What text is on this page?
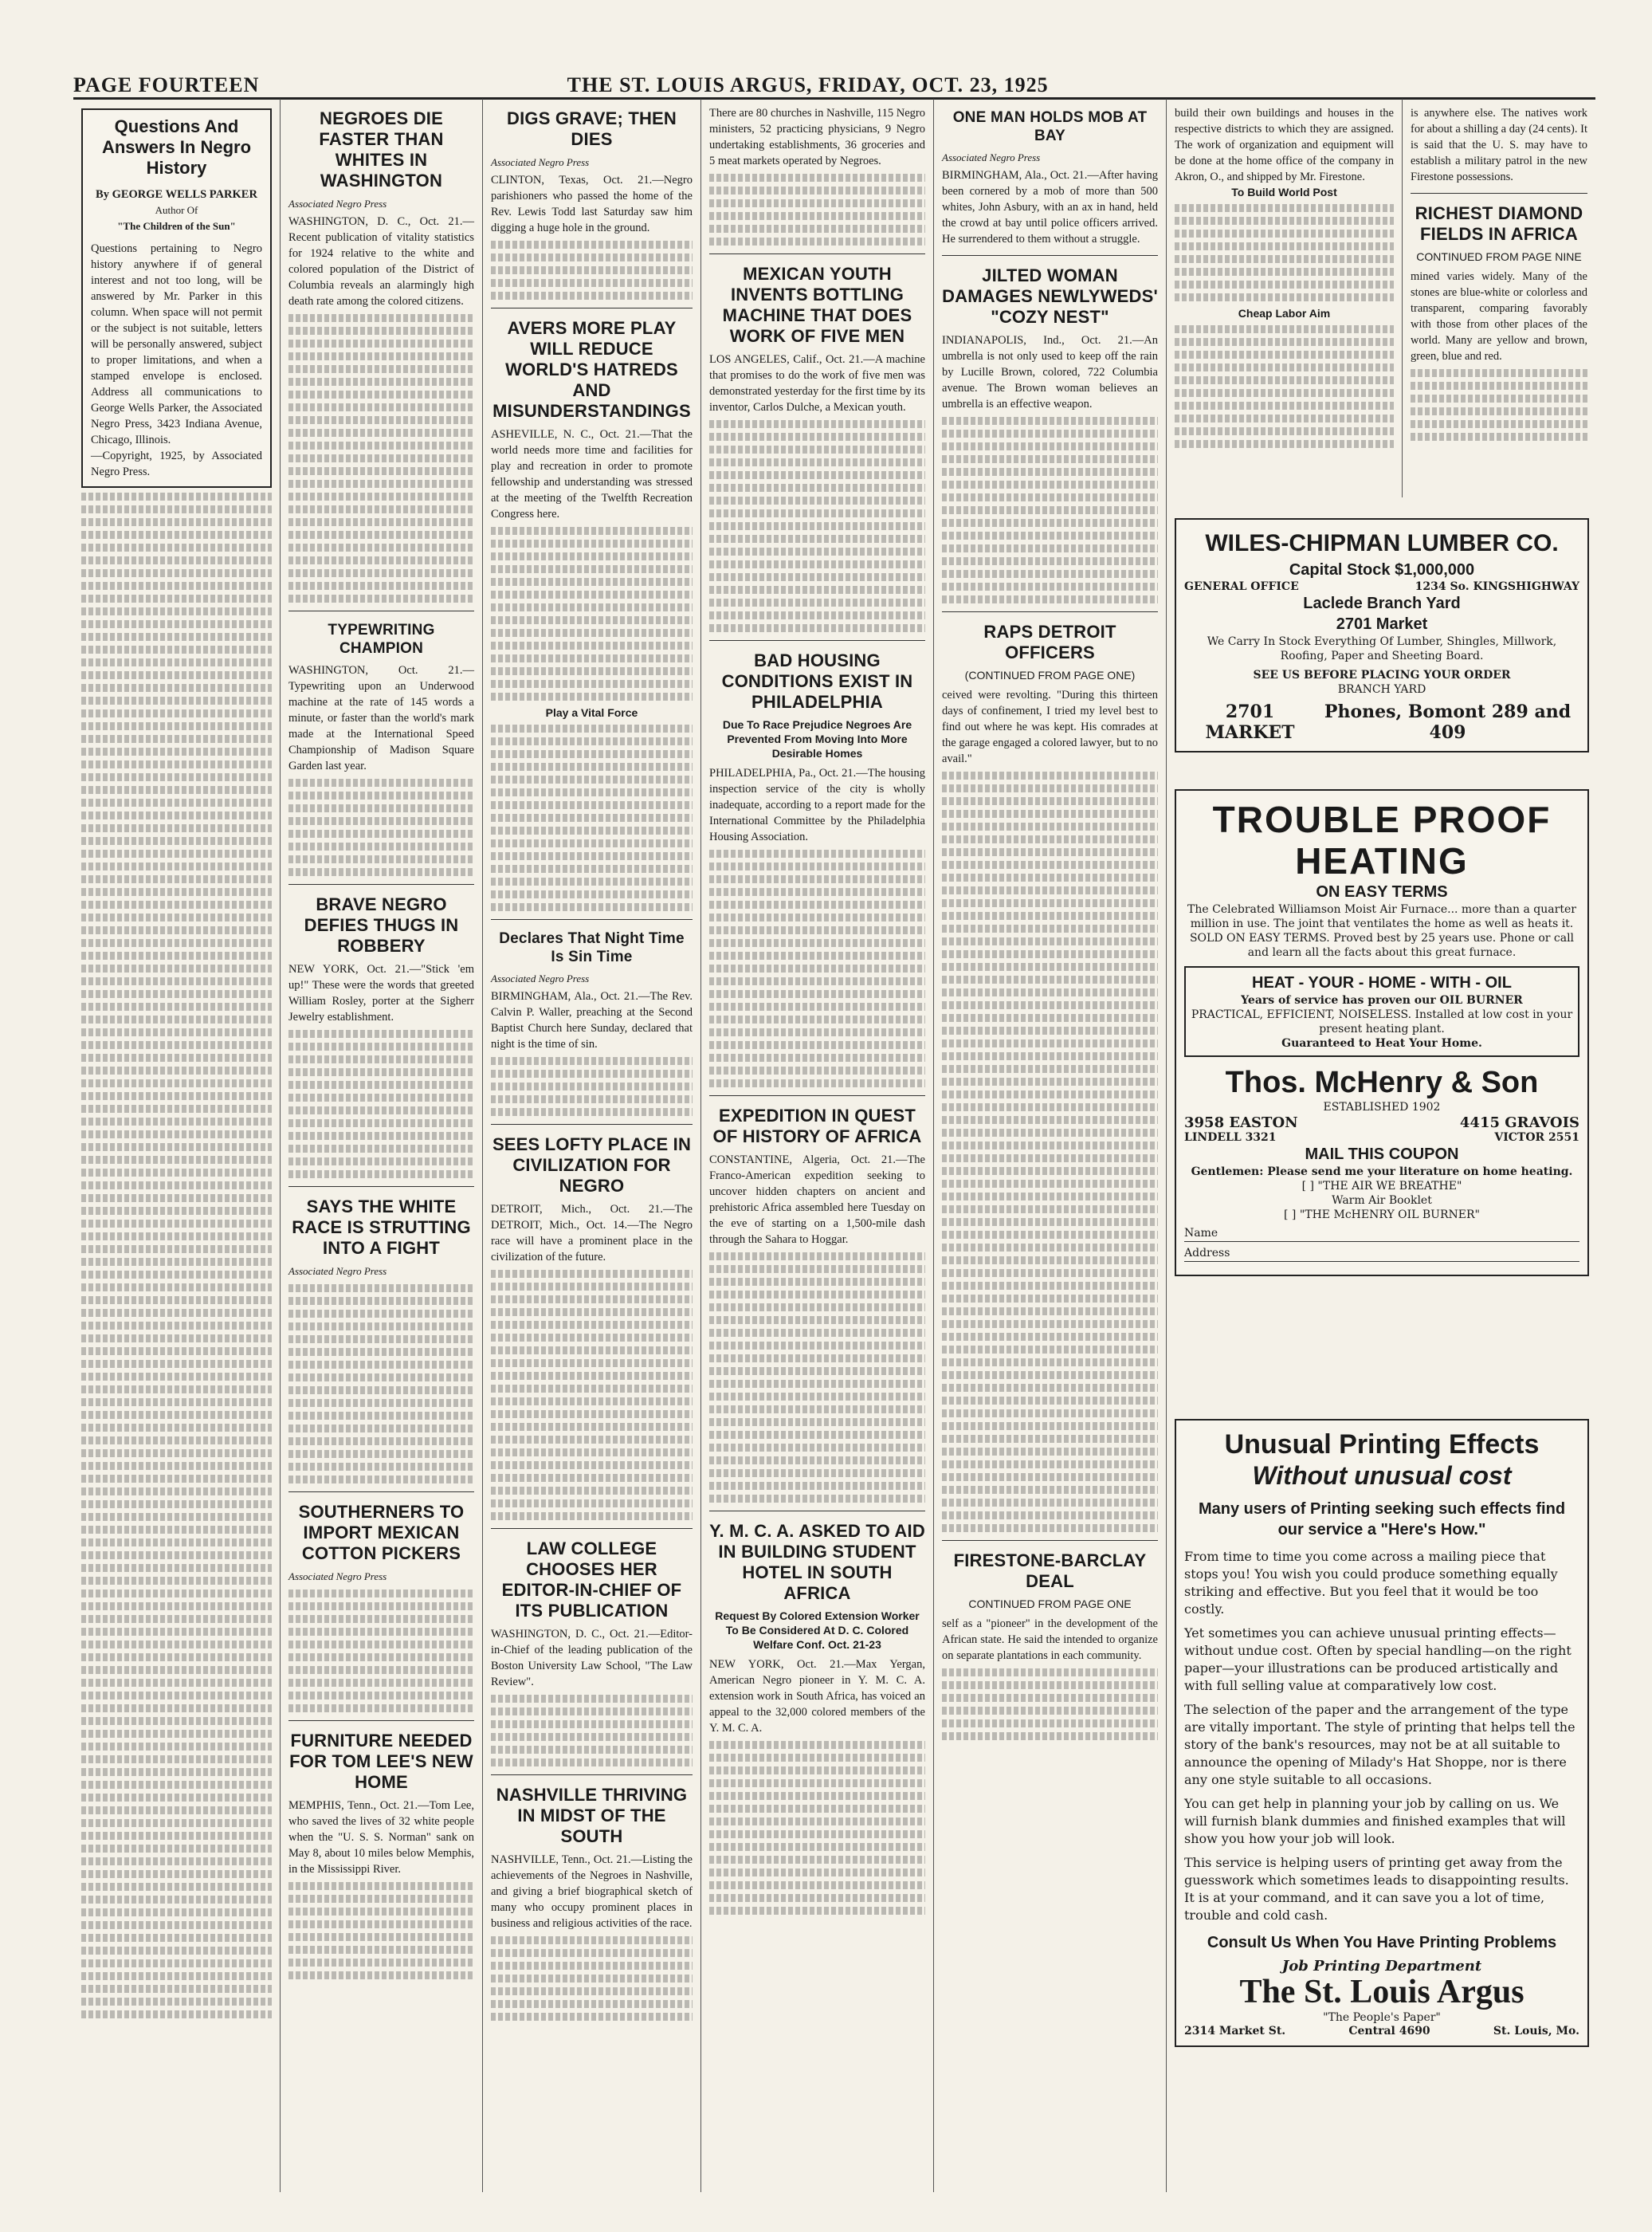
PAGE FOURTEEN	THE ST. LOUIS ARGUS, FRIDAY, OCT. 23, 1925
Questions And Answers In Negro History
By GEORGE WELLS PARKER
Author Of
"The Children of the Sun"
Questions pertaining to Negro history anywhere if of general interest and not too long, will be answered by Mr. Parker in this column. When space will not permit or the subject is not suitable, letters will be personally answered, subject to proper limitations, and when a stamped envelope is enclosed. Address all communications to George Wells Parker, the Associated Negro Press, 3423 Indiana Avenue, Chicago, Illinois.
—Copyright, 1925, by Associated Negro Press.
NEGROES DIE FASTER THAN WHITES IN WASHINGTON
Associated Negro Press
WASHINGTON, D. C., Oct. 21.—Recent publication of vitality statistics for 1924 relative to the white and colored population of the District of Columbia reveals an alarmingly high death rate among the colored citizens.
TYPEWRITING CHAMPION
WASHINGTON, Oct. 21.—Typewriting upon an Underwood machine at the rate of 145 words a minute, or faster than the world's mark made at the International Speed Championship of Madison Square Garden last year.
BRAVE NEGRO DEFIES THUGS IN ROBBERY
NEW YORK, Oct. 21.—"Stick 'em up!" These were the words that greeted William Rosley, porter at the Sigherr Jewelry establishment.
SAYS THE WHITE RACE IS STRUTTING INTO A FIGHT
Associated Negro Press
SOUTHERNERS TO IMPORT MEXICAN COTTON PICKERS
Associated Negro Press
FURNITURE NEEDED FOR TOM LEE'S NEW HOME
MEMPHIS, Tenn., Oct. 21.—Tom Lee, who saved the lives of 32 white people when the "U. S. S. Norman" sank on May 8, about 10 miles below Memphis, in the Mississippi River.
DIGS GRAVE; THEN DIES
Associated Negro Press
CLINTON, Texas, Oct. 21.—Negro parishioners who passed the home of the Rev. Lewis Todd last Saturday saw him digging a huge hole in the ground.
AVERS MORE PLAY WILL REDUCE WORLD'S HATREDS AND MISUNDERSTANDINGS
ASHEVILLE, N. C., Oct. 21.—That the world needs more time and facilities for play and recreation in order to promote fellowship and understanding was stressed at the meeting of the Twelfth Recreation Congress here.
Play a Vital Force
Declares That Night Time Is Sin Time
Associated Negro Press
BIRMINGHAM, Ala., Oct. 21.—The Rev. Calvin P. Waller, preaching at the Second Baptist Church here Sunday, declared that night is the time of sin.
SEES LOFTY PLACE IN CIVILIZATION FOR NEGRO
DETROIT, Mich., Oct. 21.—The DETROIT, Mich., Oct. 14.—The Negro race will have a prominent place in the civilization of the future.
LAW COLLEGE CHOOSES HER EDITOR-IN-CHIEF OF ITS PUBLICATION
WASHINGTON, D. C., Oct. 21.—Editor-in-Chief of the leading publication of the Boston University Law School, "The Law Review".
NASHVILLE THRIVING IN MIDST OF THE SOUTH
NASHVILLE, Tenn., Oct. 21.—Listing the achievements of the Negroes in Nashville, and giving a brief biographical sketch of many who occupy prominent places in business and religious activities of the race.
There are 80 churches in Nashville, 115 Negro ministers, 52 practicing physicians, 9 Negro undertaking establishments, 36 groceries and 5 meat markets operated by Negroes.
MEXICAN YOUTH INVENTS BOTTLING MACHINE THAT DOES WORK OF FIVE MEN
LOS ANGELES, Calif., Oct. 21.—A machine that promises to do the work of five men was demonstrated yesterday for the first time by its inventor, Carlos Dulche, a Mexican youth.
BAD HOUSING CONDITIONS EXIST IN PHILADELPHIA
Due To Race Prejudice Negroes Are Prevented From Moving Into More Desirable Homes
PHILADELPHIA, Pa., Oct. 21.—The housing inspection service of the city is wholly inadequate, according to a report made for the International Committee by the Philadelphia Housing Association.
EXPEDITION IN QUEST OF HISTORY OF AFRICA
CONSTANTINE, Algeria, Oct. 21.—The Franco-American expedition seeking to uncover hidden chapters on ancient and prehistoric Africa assembled here Tuesday on the eve of starting on a 1,500-mile dash through the Sahara to Hoggar.
Y. M. C. A. ASKED TO AID IN BUILDING STUDENT HOTEL IN SOUTH AFRICA
Request By Colored Extension Worker To Be Considered At D. C. Colored Welfare Conf. Oct. 21-23
NEW YORK, Oct. 21.—Max Yergan, American Negro pioneer in Y. M. C. A. extension work in South Africa, has voiced an appeal to the 32,000 colored members of the Y. M. C. A.
ONE MAN HOLDS MOB AT BAY
Associated Negro Press
BIRMINGHAM, Ala., Oct. 21.—After having been cornered by a mob of more than 500 whites, John Asbury, with an ax in hand, held the crowd at bay until police officers arrived. He surrendered to them without a struggle.
JILTED WOMAN DAMAGES NEWLYWEDS' "COZY NEST"
INDIANAPOLIS, Ind., Oct. 21.—An umbrella is not only used to keep off the rain by Lucille Brown, colored, 722 Columbia avenue. The Brown woman believes an umbrella is an effective weapon.
RAPS DETROIT OFFICERS
(CONTINUED FROM PAGE ONE)
ceived were revolting. "During this thirteen days of confinement, I tried my level best to find out where he was kept. His comrades at the garage engaged a colored lawyer, but to no avail."
FIRESTONE-BARCLAY DEAL
CONTINUED FROM PAGE ONE
self as a "pioneer" in the development of the African state. He said the intended to organize on separate plantations in each community.
build their own buildings and houses in the respective districts to which they are assigned. The work of organization and equipment will be done at the home office of the company in Akron, O., and shipped by Mr. Firestone.
To Build World Post
Cheap Labor Aim
is anywhere else. The natives work for about a shilling a day (24 cents). It is said that the U. S. may have to establish a military patrol in the new Firestone possessions.
RICHEST DIAMOND FIELDS IN AFRICA
CONTINUED FROM PAGE NINE
mined varies widely. Many of the stones are blue-white or colorless and transparent, comparing favorably with those from other places of the world. Many are yellow and brown, green, blue and red.
WILES-CHIPMAN LUMBER CO.
Capital Stock $1,000,000
GENERAL OFFICE	1234 So. KINGSHIGHWAY
Laclede Branch Yard
2701 Market
We Carry In Stock Everything Of Lumber, Shingles, Millwork, Roofing, Paper and Sheeting Board.
SEE US BEFORE PLACING YOUR ORDER
BRANCH YARD
2701 MARKET
Phones, Bomont 289 and 409
TROUBLE PROOF
HEATING
ON EASY TERMS
The Celebrated Williamson Moist Air Furnace... more than a quarter million in use. The joint that ventilates the home as well as heats it. SOLD ON EASY TERMS. Proved best by 25 years use. Phone or call and learn all the facts about this great furnace.
HEAT - YOUR - HOME - WITH - OIL
Years of service has proven our OIL BURNER
PRACTICAL, EFFICIENT, NOISELESS. Installed at low cost in your present heating plant.
Guaranteed to Heat Your Home.
Thos. McHenry & Son
ESTABLISHED 1902
3958 EASTON	4415 GRAVOIS
LINDELL 3321	VICTOR 2551
MAIL THIS COUPON
Gentlemen: Please send me your literature on home heating.
[ ] "THE AIR WE BREATHE"
Warm Air Booklet
[ ] "THE McHENRY OIL BURNER"
Name
Address
Unusual Printing Effects
Without unusual cost
Many users of Printing seeking such effects find our service a "Here's How."
From time to time you come across a mailing piece that stops you! You wish you could produce something equally striking and effective. But you feel that it would be too costly.
Yet sometimes you can achieve unusual printing effects—without undue cost. Often by special handling—on the right paper—your illustrations can be produced artistically and with full selling value at comparatively low cost.
The selection of the paper and the arrangement of the type are vitally important. The style of printing that helps tell the story of the bank's resources, may not be at all suitable to announce the opening of Milady's Hat Shoppe, nor is there any one style suitable to all occasions.
You can get help in planning your job by calling on us. We will furnish blank dummies and finished examples that will show you how your job will look.
This service is helping users of printing get away from the guesswork which sometimes leads to disappointing results. It is at your command, and it can save you a lot of time, trouble and cold cash.
Consult Us When You Have Printing Problems
Job Printing Department
The St. Louis Argus
"The People's Paper"
2314 Market St.	Central 4690	St. Louis, Mo.
